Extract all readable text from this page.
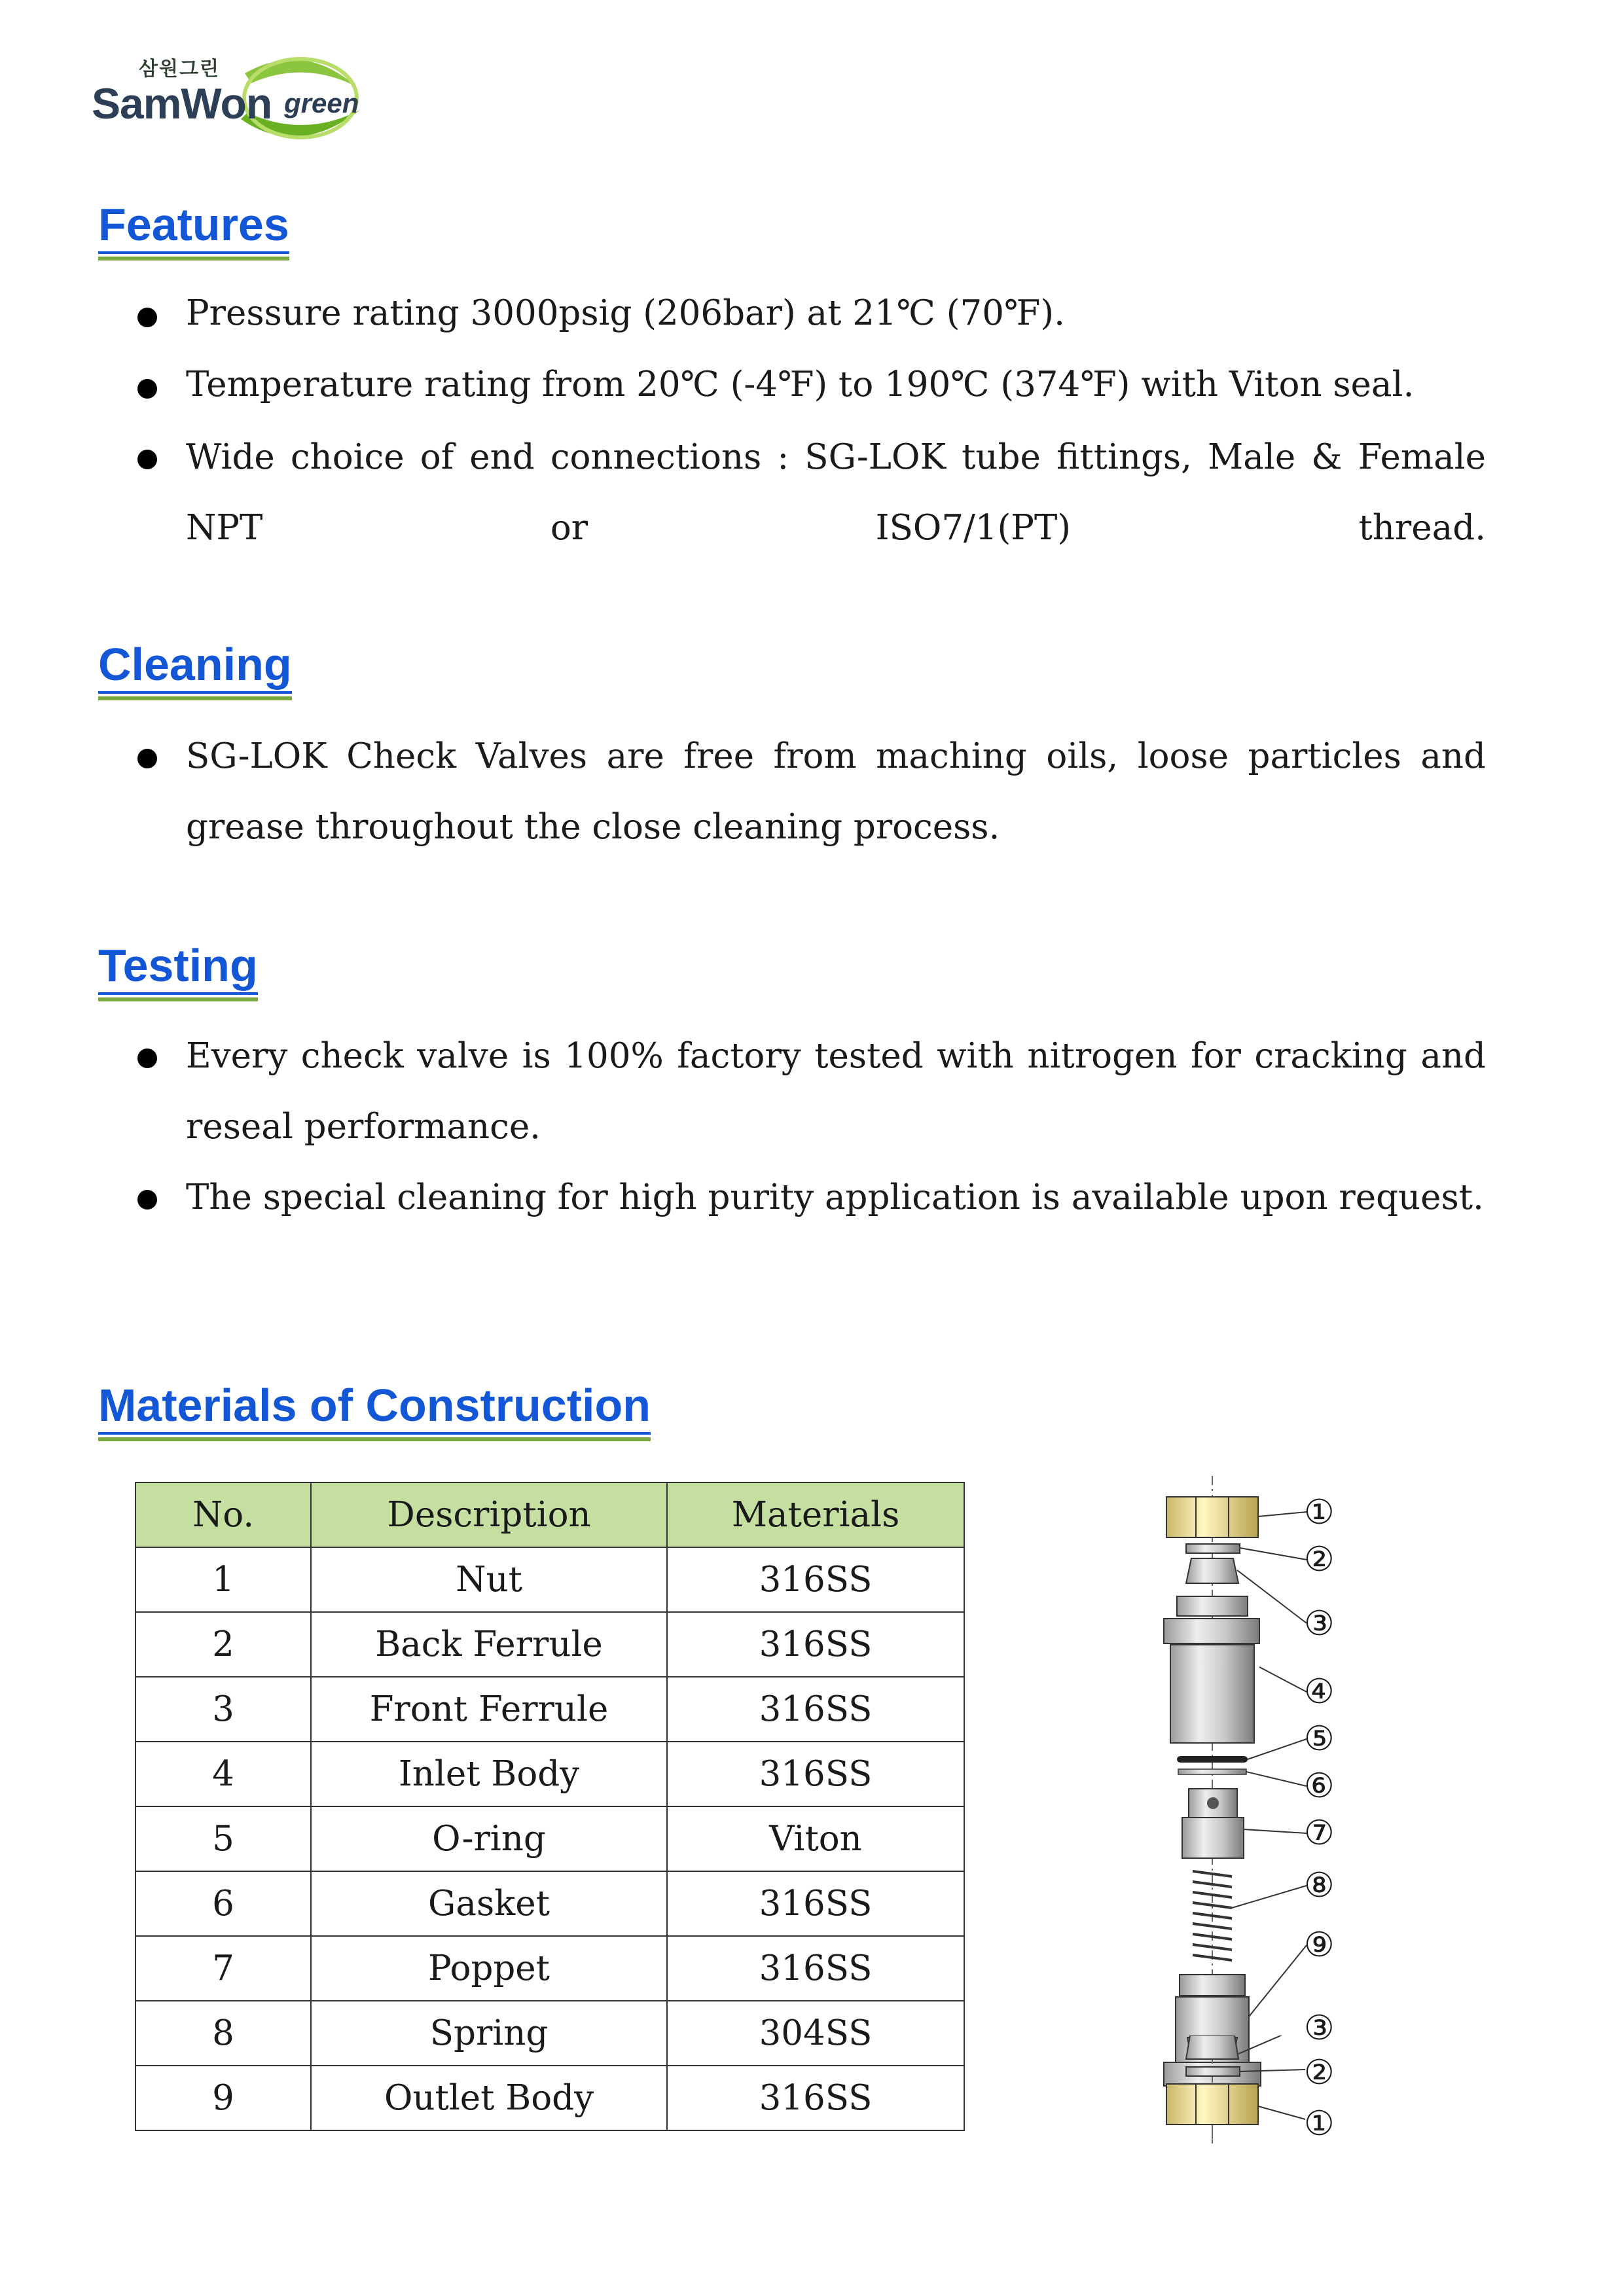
삼원그린
SamWon green
Features
Pressure rating 3000psig (206bar) at 21℃ (70℉).
Temperature rating from 20℃ (-4℉) to 190℃ (374℉) with Viton seal.
Wide choice of end connections : SG-LOK tube fittings, Male & Female NPT or ISO7/1(PT) thread.
Cleaning
SG-LOK Check Valves are free from maching oils, loose particles and grease throughout the close cleaning process.
Testing
Every check valve is 100% factory tested with nitrogen for cracking and reseal performance.
The special cleaning for high purity application is available upon request.
Materials of Construction
No.	Description	Materials
1	Nut	316SS
2	Back Ferrule	316SS
3	Front Ferrule	316SS
4	Inlet Body	316SS
5	O-ring	Viton
6	Gasket	316SS
7	Poppet	316SS
8	Spring	304SS
9	Outlet Body	316SS
①
②
③
④
⑤
⑥
⑦
⑧
⑨
③
②
①
